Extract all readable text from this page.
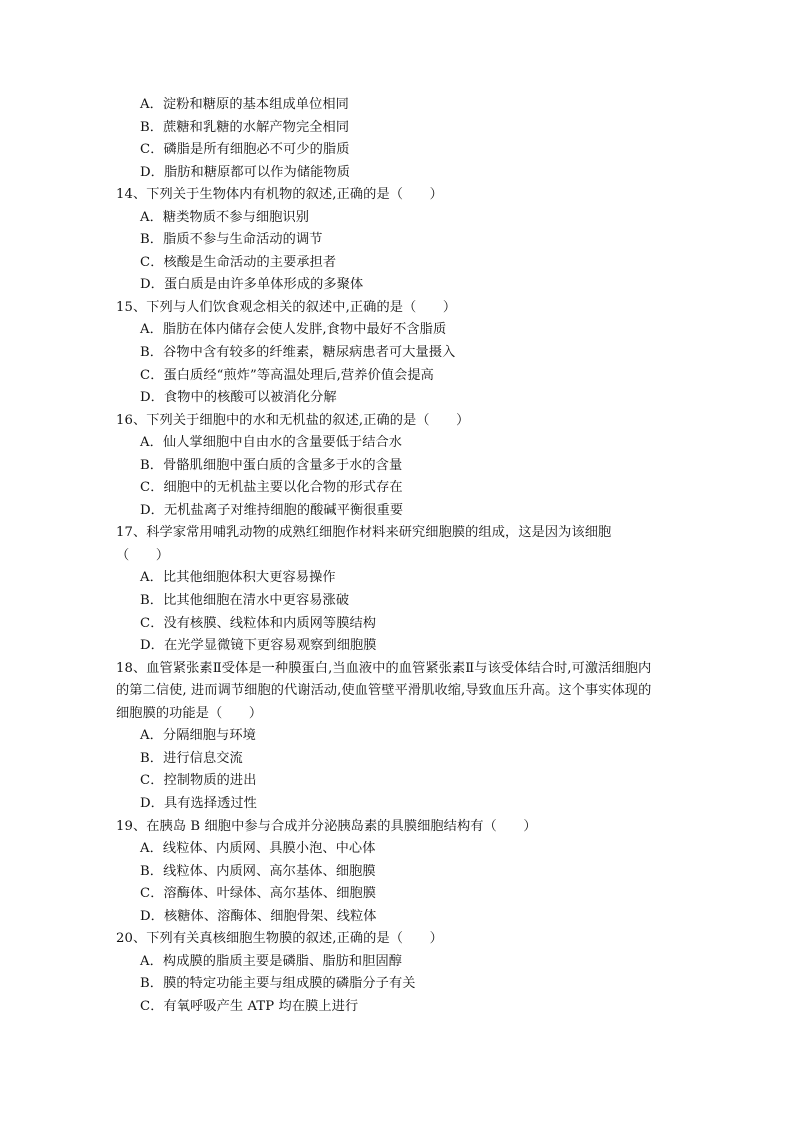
A．淀粉和糖原的基本组成单位相同
B．蔗糖和乳糖的水解产物完全相同
C．磷脂是所有细胞必不可少的脂质
D．脂肪和糖原都可以作为储能物质
14、下列关于生物体内有机物的叙述,正确的是（　　）
A．糖类物质不参与细胞识别
B．脂质不参与生命活动的调节
C．核酸是生命活动的主要承担者
D．蛋白质是由许多单体形成的多聚体
15、下列与人们饮食观念相关的叙述中,正确的是（　　）
A．脂肪在体内储存会使人发胖,食物中最好不含脂质
B．谷物中含有较多的纤维素，糖尿病患者可大量摄入
C．蛋白质经“煎炸”等高温处理后,营养价值会提高
D．食物中的核酸可以被消化分解
16、下列关于细胞中的水和无机盐的叙述,正确的是（　　）
A．仙人掌细胞中自由水的含量要低于结合水
B．骨骼肌细胞中蛋白质的含量多于水的含量
C．细胞中的无机盐主要以化合物的形式存在
D．无机盐离子对维持细胞的酸碱平衡很重要
17、科学家常用哺乳动物的成熟红细胞作材料来研究细胞膜的组成，这是因为该细胞
（　　）
A．比其他细胞体积大更容易操作
B．比其他细胞在清水中更容易涨破
C．没有核膜、线粒体和内质网等膜结构
D．在光学显微镜下更容易观察到细胞膜
18、血管紧张素Ⅱ受体是一种膜蛋白,当血液中的血管紧张素Ⅱ与该受体结合时,可激活细胞内
的第二信使, 进而调节细胞的代谢活动,使血管壁平滑肌收缩,导致血压升高。这个事实体现的
细胞膜的功能是（　　）
A．分隔细胞与环境
B．进行信息交流
C．控制物质的进出
D．具有选择透过性
19、在胰岛 B 细胞中参与合成并分泌胰岛素的具膜细胞结构有（　　）
A．线粒体、内质网、具膜小泡、中心体
B．线粒体、内质网、高尔基体、细胞膜
C．溶酶体、叶绿体、高尔基体、细胞膜
D．核糖体、溶酶体、细胞骨架、线粒体
20、下列有关真核细胞生物膜的叙述,正确的是（　　）
A．构成膜的脂质主要是磷脂、脂肪和胆固醇
B．膜的特定功能主要与组成膜的磷脂分子有关
C．有氧呼吸产生 ATP 均在膜上进行
